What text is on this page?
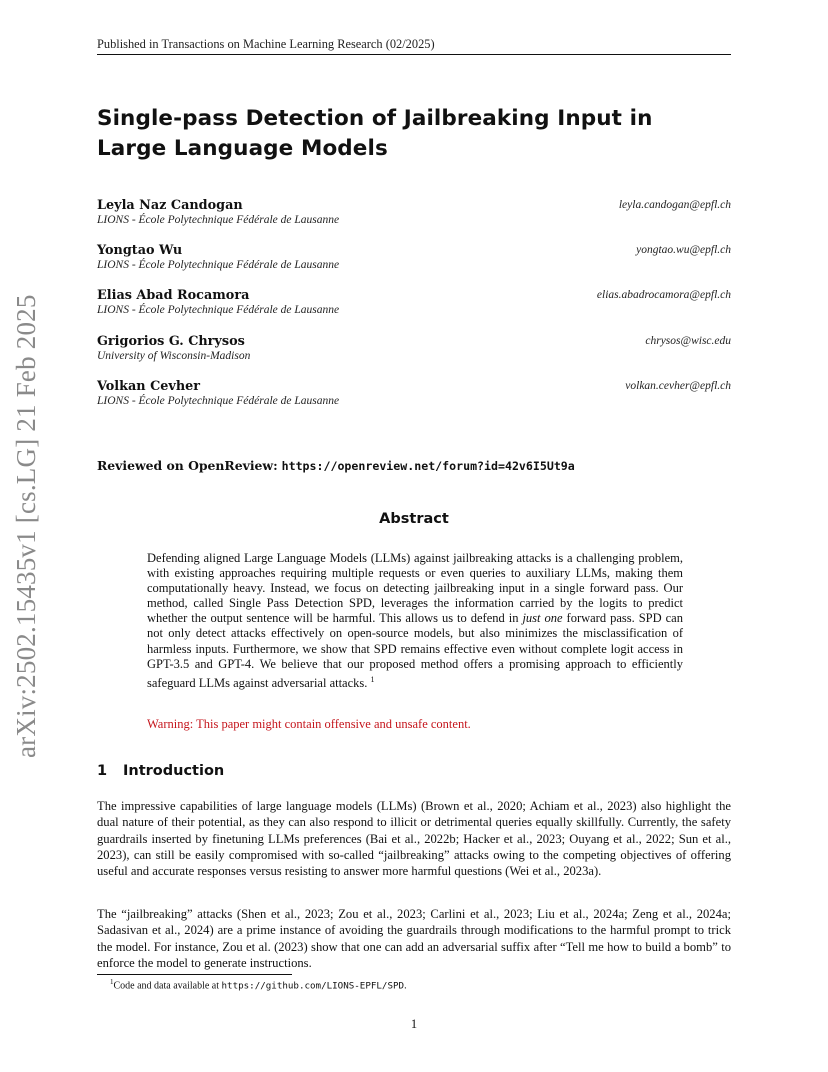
Published in Transactions on Machine Learning Research (02/2025)
Single-pass Detection of Jailbreaking Input in Large Language Models
Leyla Naz Candogan	leyla.candogan@epfl.ch
LIONS - École Polytechnique Fédérale de Lausanne
Yongtao Wu	yongtao.wu@epfl.ch
LIONS - École Polytechnique Fédérale de Lausanne
Elias Abad Rocamora	elias.abadrocamora@epfl.ch
LIONS - École Polytechnique Fédérale de Lausanne
Grigorios G. Chrysos	chrysos@wisc.edu
University of Wisconsin-Madison
Volkan Cevher	volkan.cevher@epfl.ch
LIONS - École Polytechnique Fédérale de Lausanne
Reviewed on OpenReview: https://openreview.net/forum?id=42v6I5Ut9a
Abstract
Defending aligned Large Language Models (LLMs) against jailbreaking attacks is a challenging problem, with existing approaches requiring multiple requests or even queries to auxiliary LLMs, making them computationally heavy. Instead, we focus on detecting jailbreaking input in a single forward pass. Our method, called Single Pass Detection SPD, leverages the information carried by the logits to predict whether the output sentence will be harmful. This allows us to defend in just one forward pass. SPD can not only detect attacks effectively on open-source models, but also minimizes the misclassification of harmless inputs. Furthermore, we show that SPD remains effective even without complete logit access in GPT-3.5 and GPT-4. We believe that our proposed method offers a promising approach to efficiently safeguard LLMs against adversarial attacks. $^1$
Warning: This paper might contain offensive and unsafe content.
1 Introduction
The impressive capabilities of large language models (LLMs) (Brown et al., 2020; Achiam et al., 2023) also highlight the dual nature of their potential, as they can also respond to illicit or detrimental queries equally skillfully. Currently, the safety guardrails inserted by finetuning LLMs preferences (Bai et al., 2022b; Hacker et al., 2023; Ouyang et al., 2022; Sun et al., 2023), can still be easily compromised with so-called “jailbreaking” attacks owing to the competing objectives of offering useful and accurate responses versus resisting to answer more harmful questions (Wei et al., 2023a).
The “jailbreaking” attacks (Shen et al., 2023; Zou et al., 2023; Carlini et al., 2023; Liu et al., 2024a; Zeng et al., 2024a; Sadasivan et al., 2024) are a prime instance of avoiding the guardrails through modifications to the harmful prompt to trick the model. For instance, Zou et al. (2023) show that one can add an adversarial suffix after “Tell me how to build a bomb” to enforce the model to generate instructions.
$^1$Code and data available at https://github.com/LIONS-EPFL/SPD.
1
arXiv:2502.15435v1 [cs.LG] 21 Feb 2025
